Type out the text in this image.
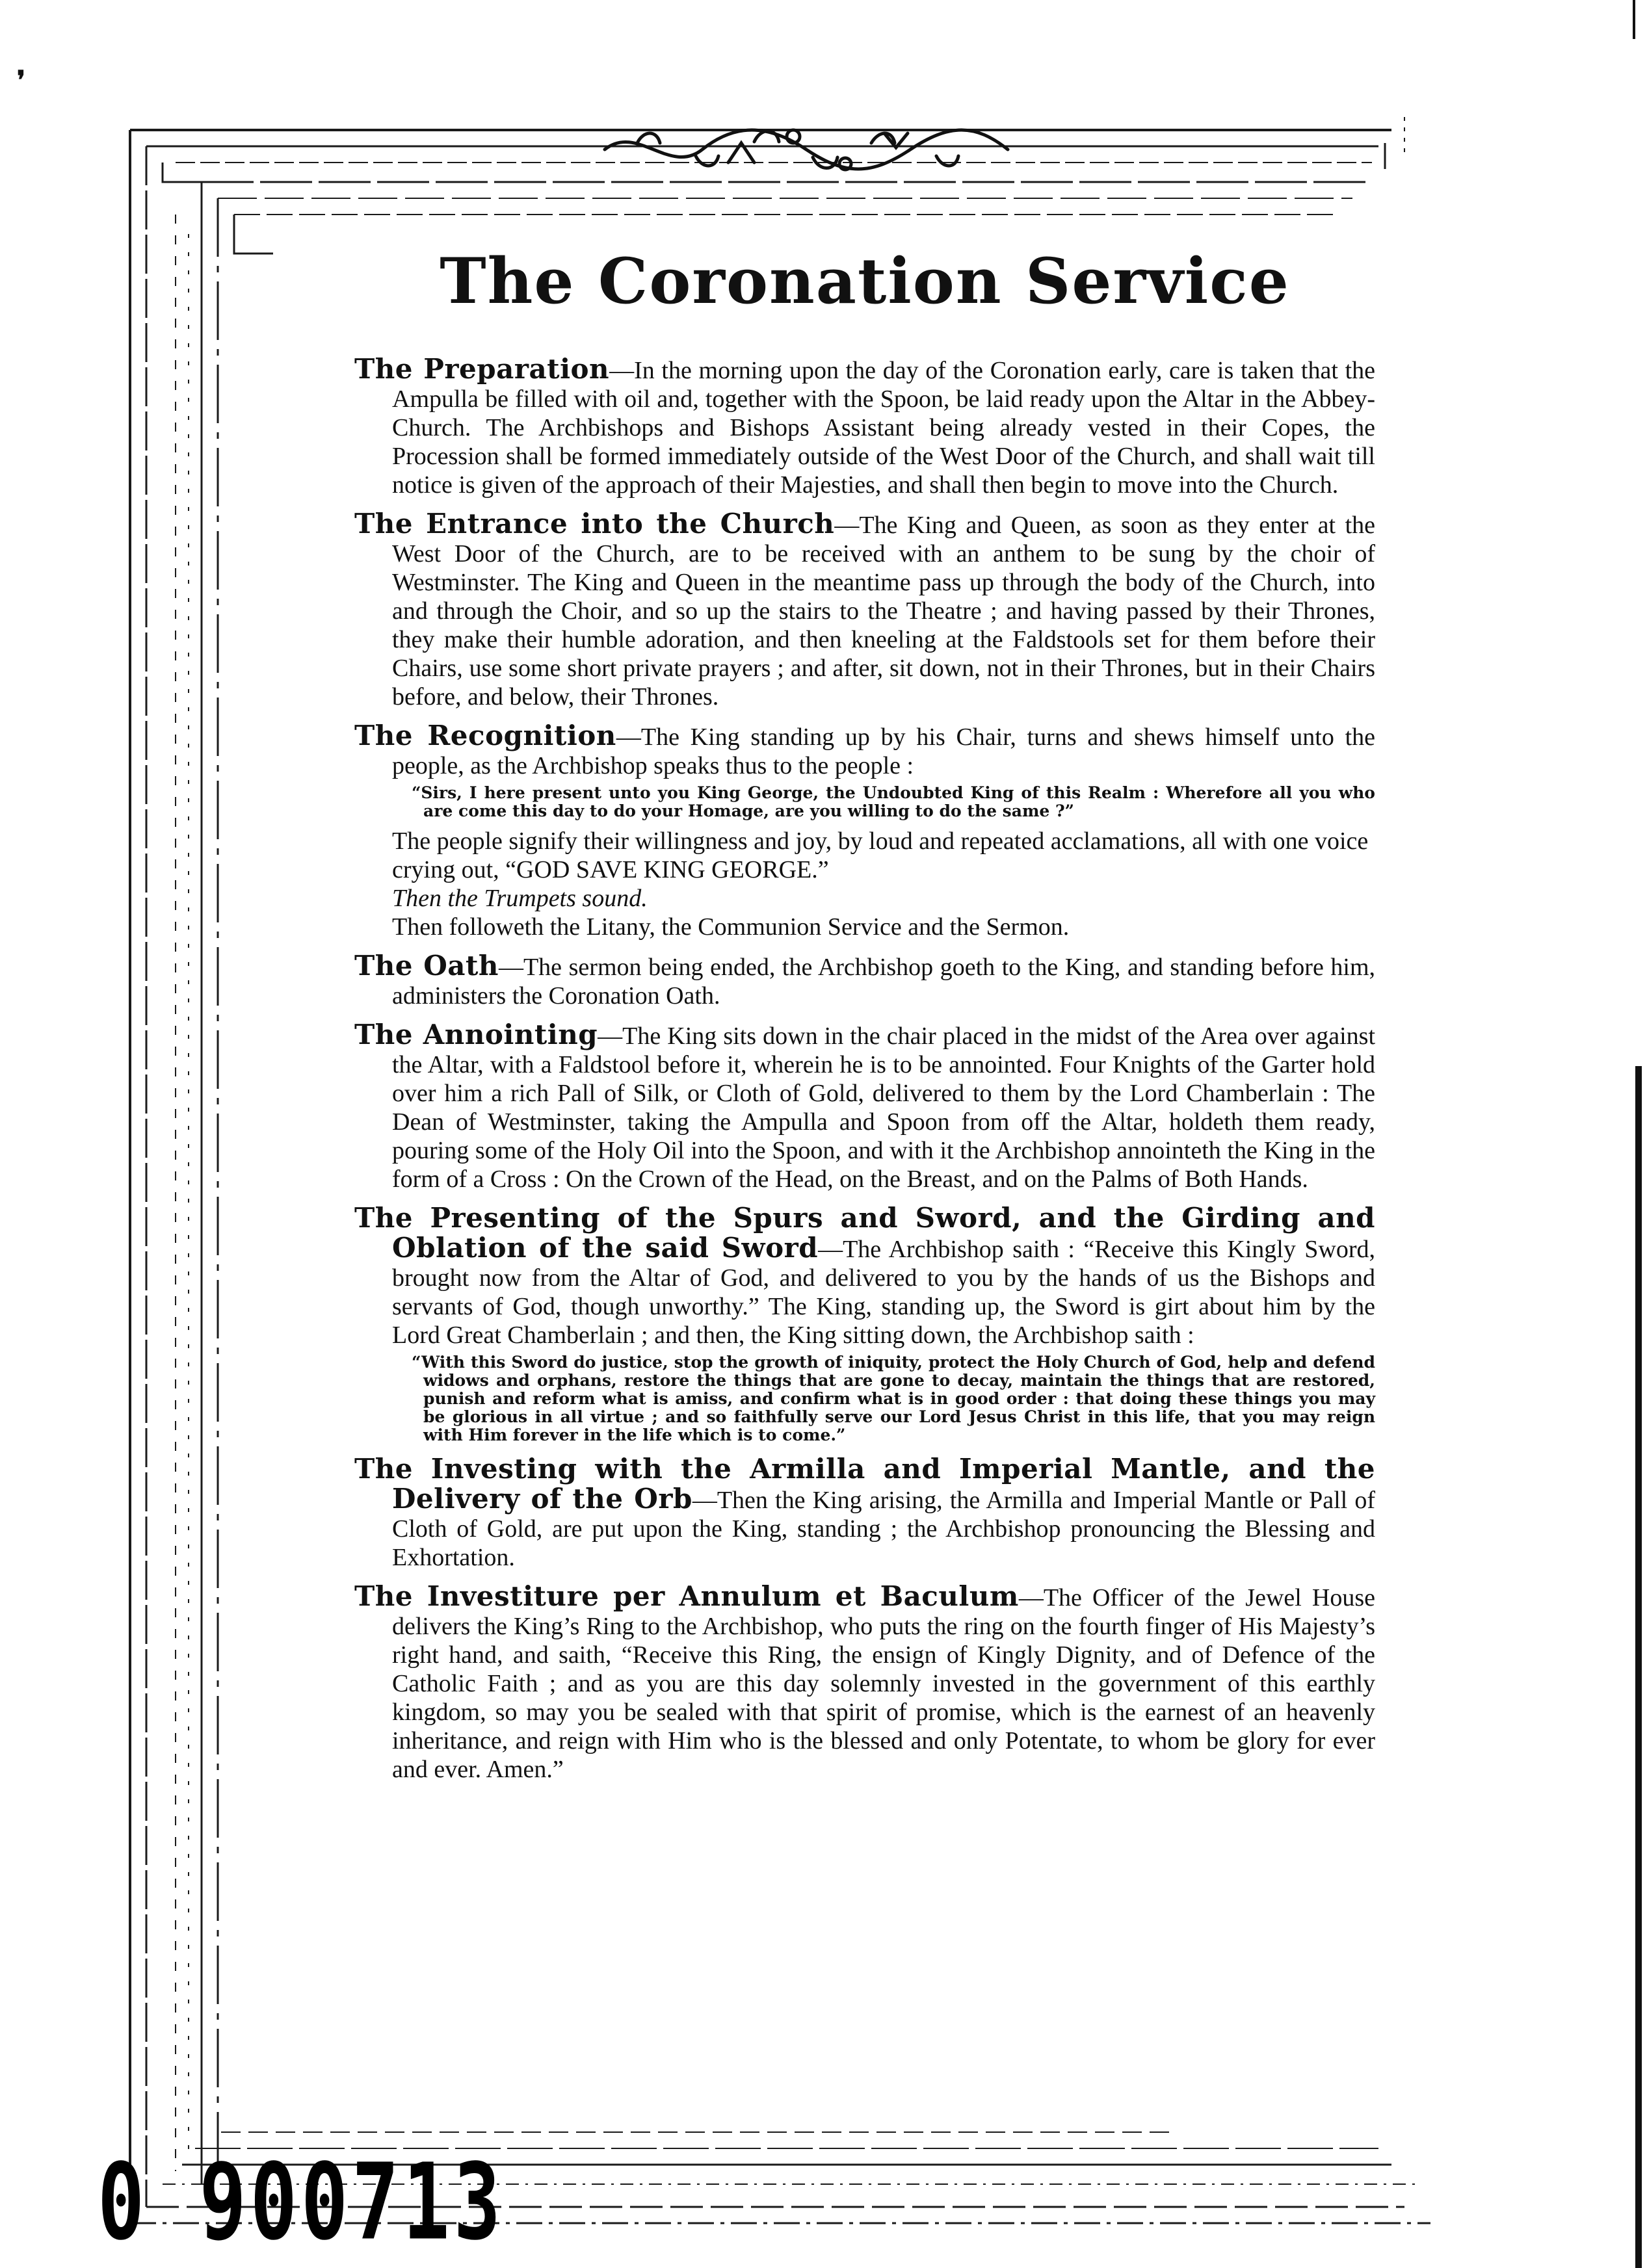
❜
The Coronation Service

The Preparation—In the morning upon the day of the Coronation early, care is taken that the Ampulla be filled with oil and, together with the Spoon, be laid ready upon the Altar in the Abbey-Church. The Archbishops and Bishops Assistant being already vested in their Copes, the Procession shall be formed immediately outside of the West Door of the Church, and shall wait till notice is given of the approach of their Majesties, and shall then begin to move into the Church.

The Entrance into the Church—The King and Queen, as soon as they enter at the West Door of the Church, are to be received with an anthem to be sung by the choir of Westminster. The King and Queen in the meantime pass up through the body of the Church, into and through the Choir, and so up the stairs to the Theatre ; and having passed by their Thrones, they make their humble adoration, and then kneeling at the Faldstools set for them before their Chairs, use some short private prayers ; and after, sit down, not in their Thrones, but in their Chairs before, and below, their Thrones.

The Recognition—The King standing up by his Chair, turns and shews himself unto the people, as the Archbishop speaks thus to the people :

“Sirs, I here present unto you King George, the Undoubted King of this Realm : Wherefore all you who are come this day to do your Homage, are you willing to do the same ?”

The people signify their willingness and joy, by loud and repeated acclamations, all with one voice crying out, “GOD SAVE KING GEORGE.”

Then the Trumpets sound.

Then followeth the Litany, the Communion Service and the Sermon.

The Oath—The sermon being ended, the Archbishop goeth to the King, and standing before him, administers the Coronation Oath.

The Annointing—The King sits down in the chair placed in the midst of the Area over against the Altar, with a Faldstool before it, wherein he is to be annointed. Four Knights of the Garter hold over him a rich Pall of Silk, or Cloth of Gold, delivered to them by the Lord Chamberlain : The Dean of Westminster, taking the Ampulla and Spoon from off the Altar, holdeth them ready, pouring some of the Holy Oil into the Spoon, and with it the Archbishop annointeth the King in the form of a Cross : On the Crown of the Head, on the Breast, and on the Palms of Both Hands.

The Presenting of the Spurs and Sword, and the Girding and Oblation of the said Sword—The Archbishop saith : “Receive this Kingly Sword, brought now from the Altar of God, and delivered to you by the hands of us the Bishops and servants of God, though unworthy.” The King, standing up, the Sword is girt about him by the Lord Great Chamberlain ; and then, the King sitting down, the Archbishop saith :

“With this Sword do justice, stop the growth of iniquity, protect the Holy Church of God, help and defend widows and orphans, restore the things that are gone to decay, maintain the things that are restored, punish and reform what is amiss, and confirm what is in good order : that doing these things you may be glorious in all virtue ; and so faithfully serve our Lord Jesus Christ in this life, that you may reign with Him forever in the life which is to come.”

The Investing with the Armilla and Imperial Mantle, and the Delivery of the Orb—Then the King arising, the Armilla and Imperial Mantle or Pall of Cloth of Gold, are put upon the King, standing ; the Archbishop pronouncing the Blessing and Exhortation.

The Investiture per Annulum et Baculum—The Officer of the Jewel House delivers the King’s Ring to the Archbishop, who puts the ring on the fourth finger of His Majesty’s right hand, and saith, “Receive this Ring, the ensign of Kingly Dignity, and of Defence of the Catholic Faith ; and as you are this day solemnly invested in the government of this earthly kingdom, so may you be sealed with that spirit of promise, which is the earnest of an heavenly inheritance, and reign with Him who is the blessed and only Potentate, to whom be glory for ever and ever. Amen.”

0 900713
